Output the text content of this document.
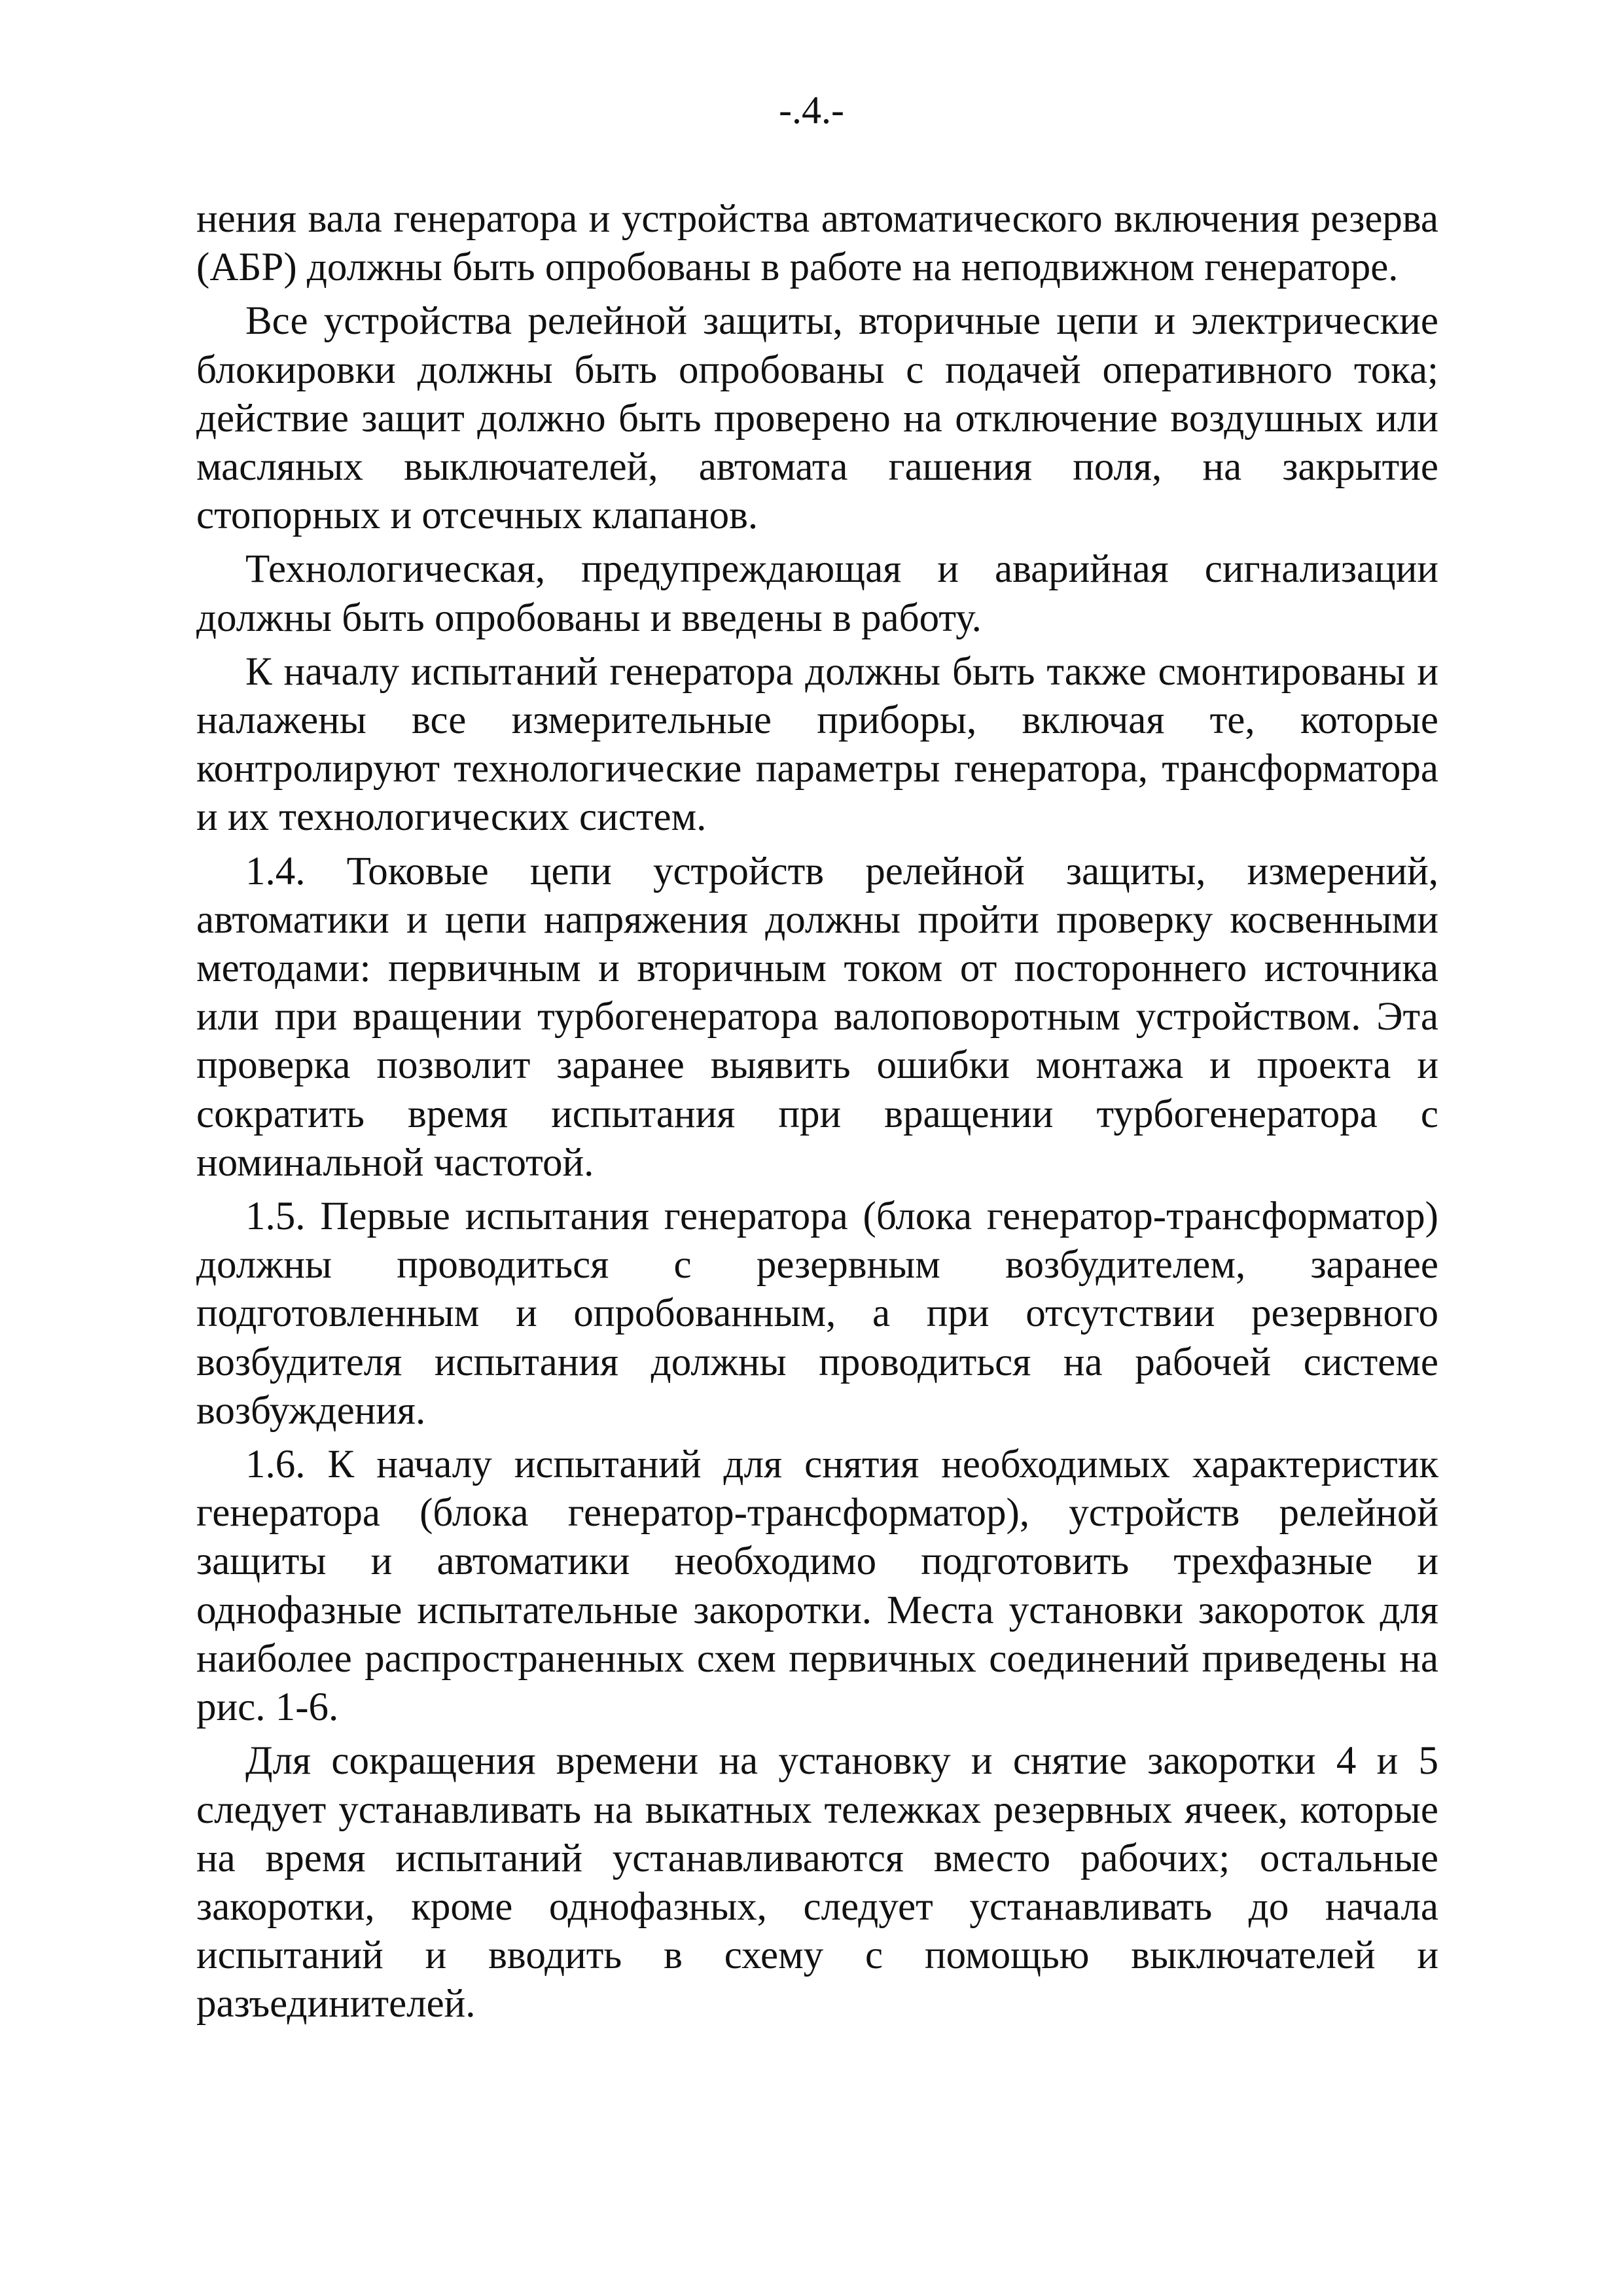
-.4.-

нения вала генератора и устройства автоматического включения резерва (АБР) должны быть опробованы в работе на неподвижном генераторе.

Все устройства релейной защиты, вторичные цепи и электрические блокировки должны быть опробованы с подачей оперативного тока; действие защит должно быть проверено на отключение воздушных или масляных выключателей, автомата гашения поля, на закрытие стопорных и отсечных клапанов.

Технологическая, предупреждающая и аварийная сигнализации должны быть опробованы и введены в работу.

К началу испытаний генератора должны быть также смонтированы и налажены все измерительные приборы, включая те, которые контролируют технологические параметры генератора, трансформатора и их технологических систем.

1.4. Токовые цепи устройств релейной защиты, измерений, автоматики и цепи напряжения должны пройти проверку косвенными методами: первичным и вторичным током от постороннего источника или при вращении турбогенератора валоповоротным устройством. Эта проверка позволит заранее выявить ошибки монтажа и проекта и сократить время испытания при вращении турбогенератора с номинальной частотой.

1.5. Первые испытания генератора (блока генератор-трансформатор) должны проводиться с резервным возбудителем, заранее подготовленным и опробованным, а при отсутствии резервного возбудителя испытания должны проводиться на рабочей системе возбуждения.

1.6. К началу испытаний для снятия необходимых характеристик генератора (блока генератор-трансформатор), устройств релейной защиты и автоматики необходимо подготовить трехфазные и однофазные испытательные закоротки. Места установки закороток для наиболее распространенных схем первичных соединений приведены на рис. 1-6.

Для сокращения времени на установку и снятие закоротки 4 и 5 следует устанавливать на выкатных тележках резервных ячеек, которые на время испытаний устанавливаются вместо рабочих; остальные закоротки, кроме однофазных, следует устанавливать до начала испытаний и вводить в схему с помощью выключателей и разъединителей.
